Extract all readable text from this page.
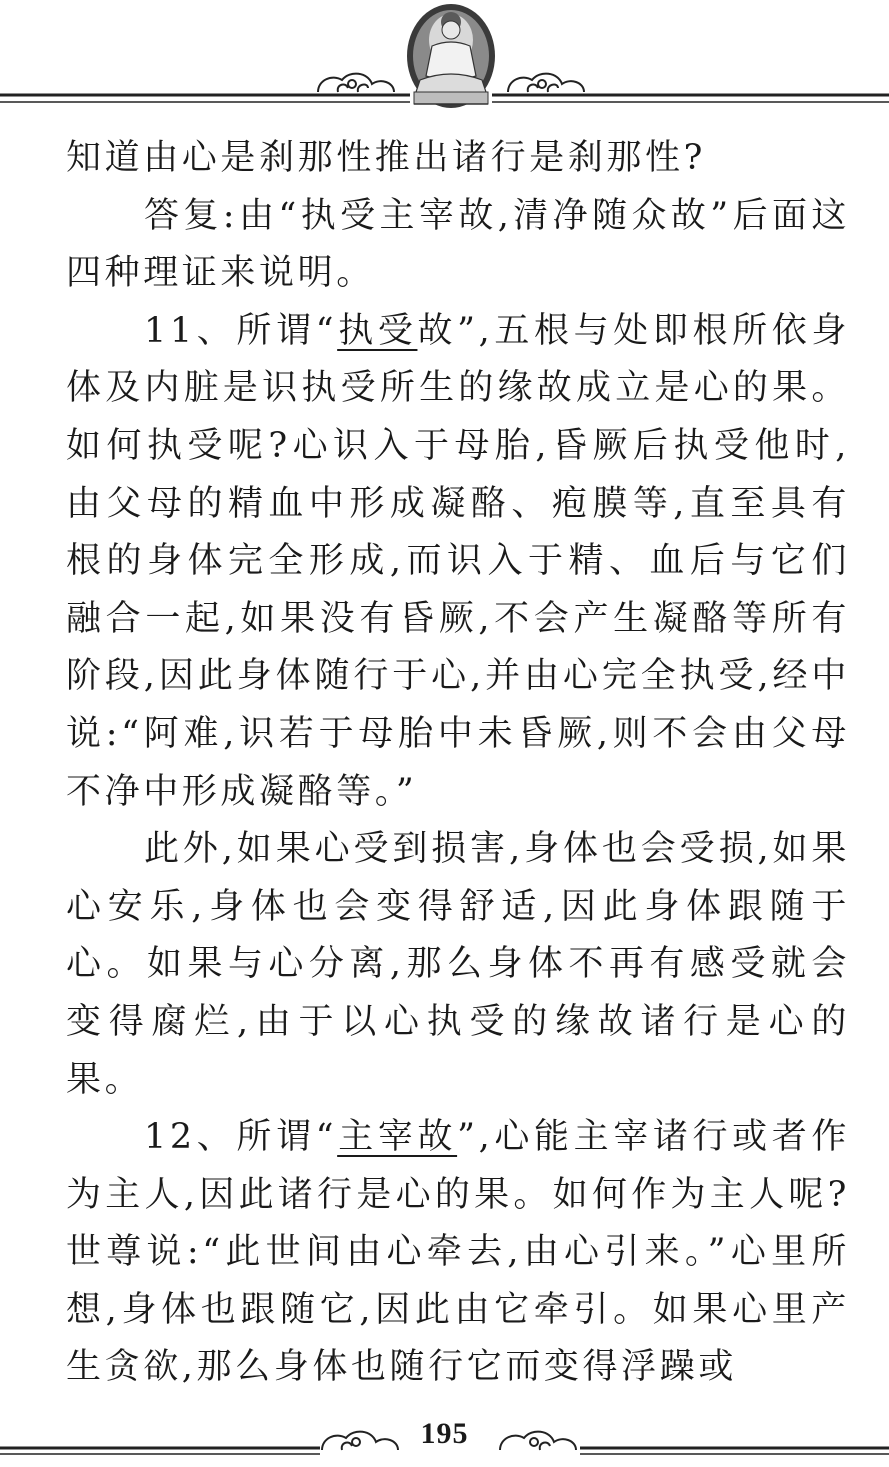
知道由心是刹那性推出诸行是刹那性?

答复:由“执受主宰故,清净随众故”后面这四种理证来说明。

11、所谓“执受故”,五根与处即根所依身体及内脏是识执受所生的缘故成立是心的果。如何执受呢?心识入于母胎,昏厥后执受他时,由父母的精血中形成凝酪、疱膜等,直至具有根的身体完全形成,而识入于精、血后与它们融合一起,如果没有昏厥,不会产生凝酪等所有阶段,因此身体随行于心,并由心完全执受,经中说:“阿难,识若于母胎中未昏厥,则不会由父母不净中形成凝酪等。”

此外,如果心受到损害,身体也会受损,如果心安乐,身体也会变得舒适,因此身体跟随于心。如果与心分离,那么身体不再有感受就会变得腐烂,由于以心执受的缘故诸行是心的果。

12、所谓“主宰故”,心能主宰诸行或者作为主人,因此诸行是心的果。如何作为主人呢?世尊说:“此世间由心牵去,由心引来。”心里所想,身体也跟随它,因此由它牵引。如果心里产生贪欲,那么身体也随行它而变得浮躁或

195
